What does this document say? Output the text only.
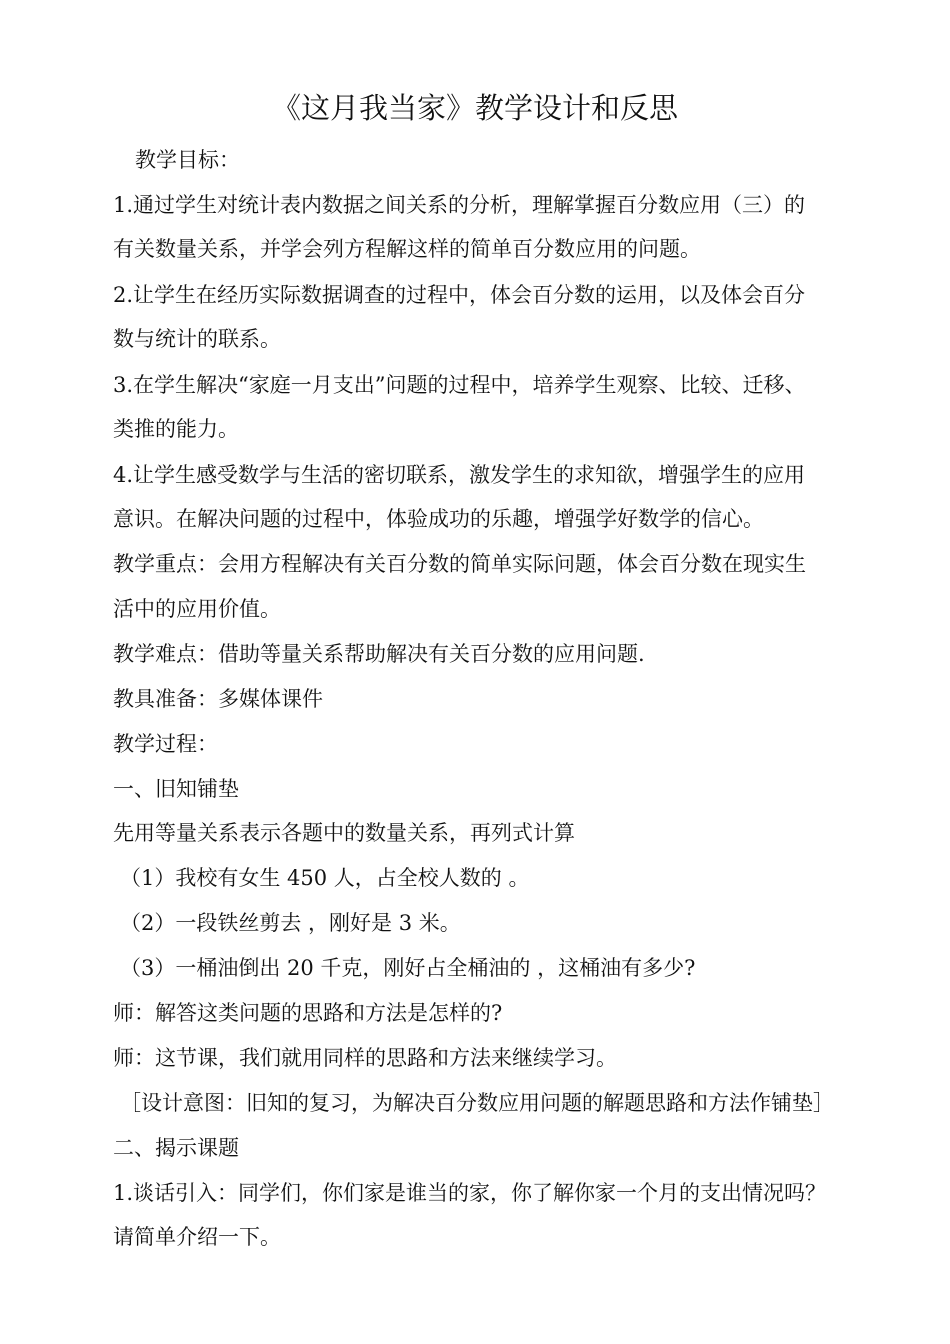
《这月我当家》教学设计和反思
教学目标：
1.通过学生对统计表内数据之间关系的分析，理解掌握百分数应用（三）的
有关数量关系，并学会列方程解这样的简单百分数应用的问题。
2.让学生在经历实际数据调查的过程中，体会百分数的运用，以及体会百分
数与统计的联系。
3.在学生解决“家庭一月支出”问题的过程中，培养学生观察、比较、迁移、
类推的能力。
4.让学生感受数学与生活的密切联系，激发学生的求知欲，增强学生的应用
意识。在解决问题的过程中，体验成功的乐趣，增强学好数学的信心。
教学重点：会用方程解决有关百分数的简单实际问题，体会百分数在现实生
活中的应用价值。
教学难点：借助等量关系帮助解决有关百分数的应用问题.
教具准备：多媒体课件
教学过程：
一、旧知铺垫
先用等量关系表示各题中的数量关系，再列式计算
（1）我校有女生 450 人，占全校人数的 。
（2）一段铁丝剪去 ，刚好是 3 米。
（3）一桶油倒出 20 千克，刚好占全桶油的 ，这桶油有多少?
师：解答这类问题的思路和方法是怎样的?
师：这节课，我们就用同样的思路和方法来继续学习。
［设计意图：旧知的复习，为解决百分数应用问题的解题思路和方法作铺垫］
二、揭示课题
1.谈话引入：同学们，你们家是谁当的家，你了解你家一个月的支出情况吗？
请简单介绍一下。
